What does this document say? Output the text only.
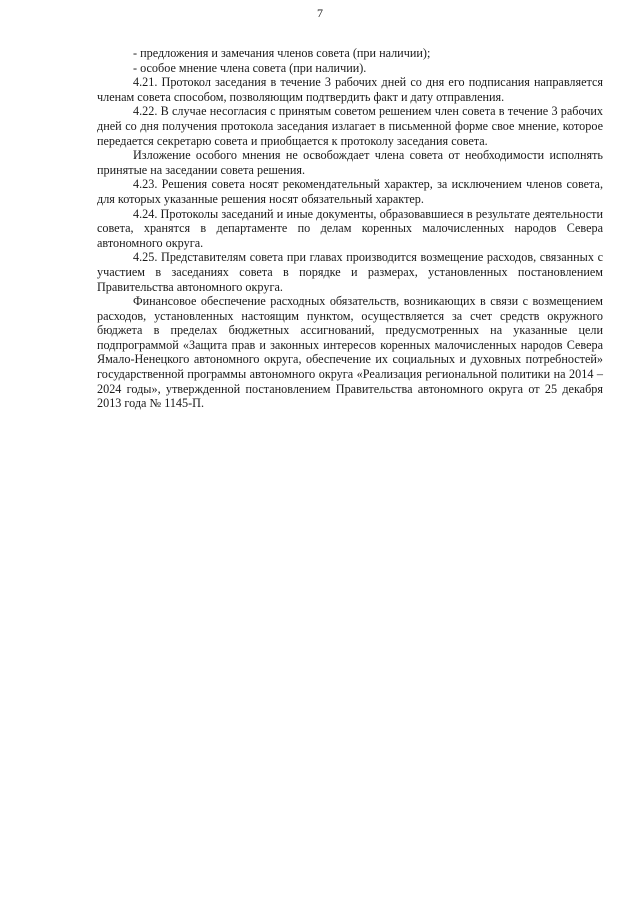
7

- предложения и замечания членов совета (при наличии);

- особое мнение члена совета (при наличии).

4.21. Протокол заседания в течение 3 рабочих дней со дня его подписания направляется членам совета способом, позволяющим подтвердить факт и дату отправления.

4.22. В случае несогласия с принятым советом решением член совета в течение 3 рабочих дней со дня получения протокола заседания излагает в письменной форме свое мнение, которое передается секретарю совета и приобщается к протоколу заседания совета.

Изложение особого мнения не освобождает члена совета от необходимости исполнять принятые на заседании совета решения.

4.23. Решения совета носят рекомендательный характер, за исключением членов совета, для которых указанные решения носят обязательный характер.

4.24. Протоколы заседаний и иные документы, образовавшиеся в результате деятельности совета, хранятся в департаменте по делам коренных малочисленных народов Севера автономного округа.

4.25. Представителям совета при главах производится возмещение расходов, связанных с участием в заседаниях совета в порядке и размерах, установленных постановлением Правительства автономного округа.

Финансовое обеспечение расходных обязательств, возникающих в связи с возмещением расходов, установленных настоящим пунктом, осуществляется за счет средств окружного бюджета в пределах бюджетных ассигнований, предусмотренных на указанные цели подпрограммой «Защита прав и законных интересов коренных малочисленных народов Севера Ямало-Ненецкого автономного округа, обеспечение их социальных и духовных потребностей» государственной программы автономного округа «Реализация региональной политики на 2014 – 2024 годы», утвержденной постановлением Правительства автономного округа от 25 декабря 2013 года № 1145-П.
